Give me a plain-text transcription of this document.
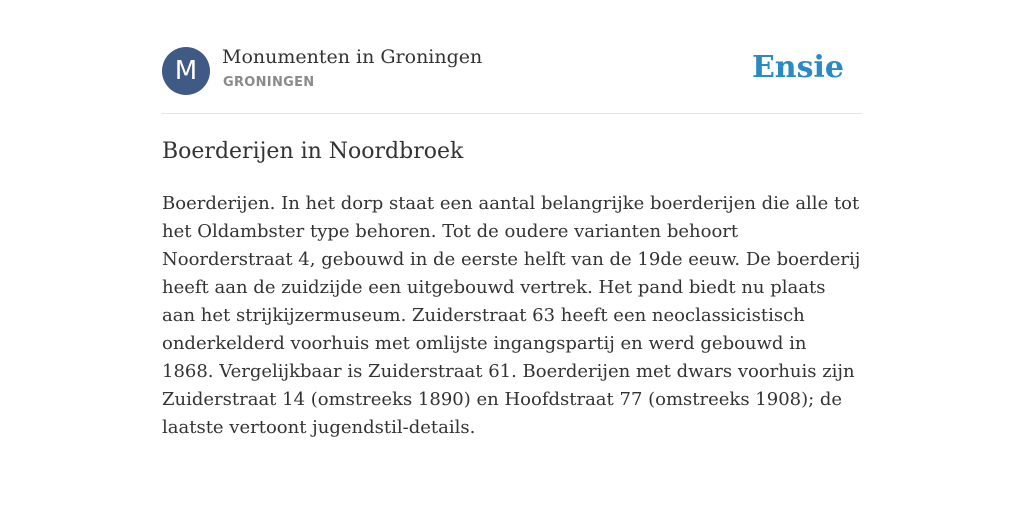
M	Monumenten in Groningen
GRONINGEN	Ensie
Boerderijen in Noordbroek

Boerderijen. In het dorp staat een aantal belangrijke boerderijen die alle tot het Oldambster type behoren. Tot de oudere varianten behoort Noorderstraat 4, gebouwd in de eerste helft van de 19de eeuw. De boerderij heeft aan de zuidzijde een uitgebouwd vertrek. Het pand biedt nu plaats aan het strijkijzermuseum. Zuiderstraat 63 heeft een neoclassicistisch onderkelderd voorhuis met omlijste ingangspartij en werd gebouwd in 1868. Vergelijkbaar is Zuiderstraat 61. Boerderijen met dwars voorhuis zijn Zuiderstraat 14 (omstreeks 1890) en Hoofdstraat 77 (omstreeks 1908); de laatste vertoont jugendstil-details.
